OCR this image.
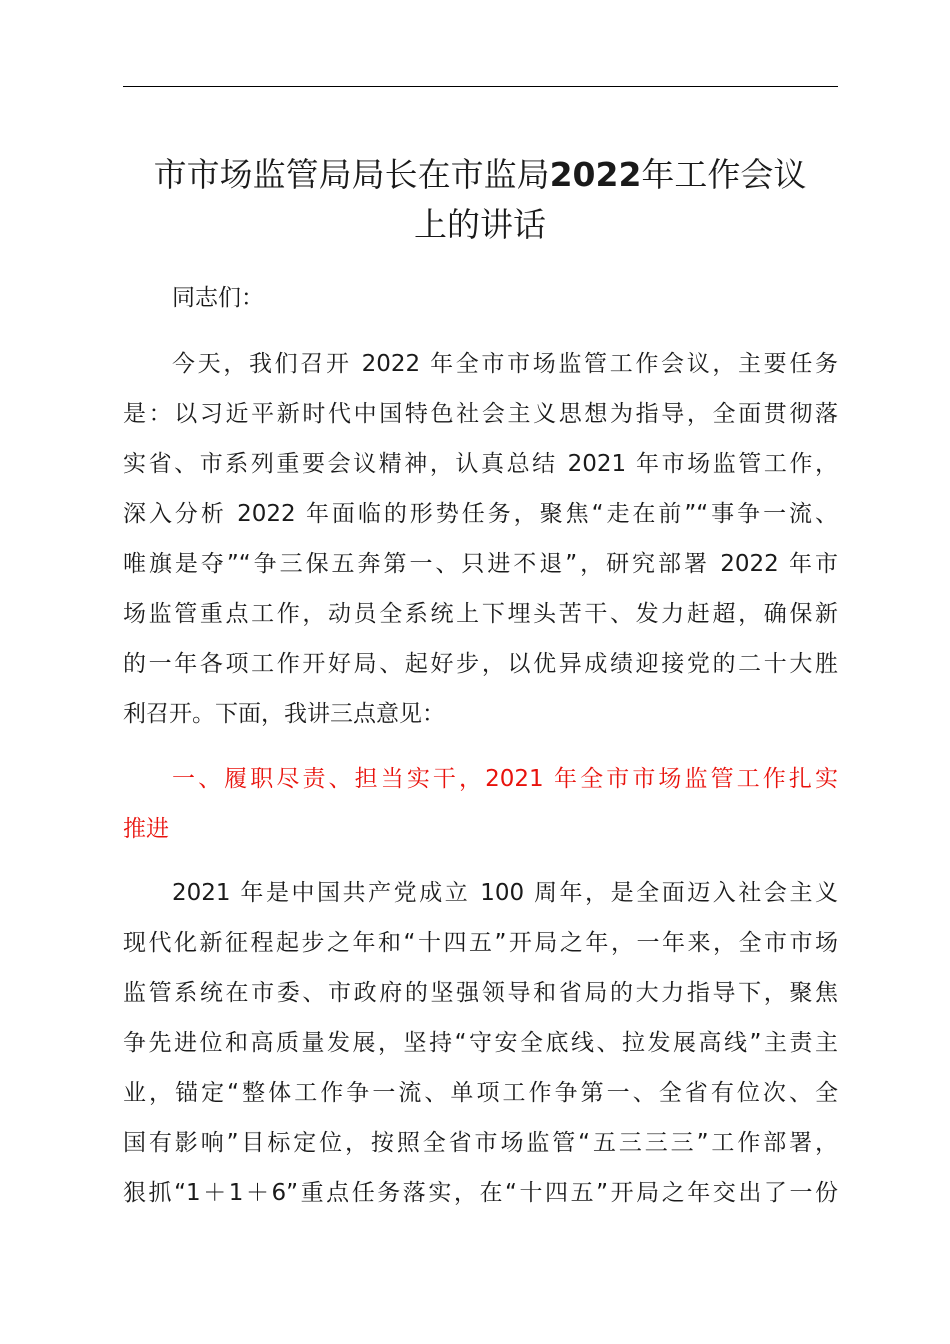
市市场监管局局长在市监局2022年工作会议
上的讲话

同志们：

今天，我们召开 2022 年全市市场监管工作会议，主要任务
是：以习近平新时代中国特色社会主义思想为指导，全面贯彻落
实省、市系列重要会议精神，认真总结 2021 年市场监管工作，
深入分析 2022 年面临的形势任务，聚焦“走在前”“事争一流、
唯旗是夺”“争三保五奔第一、只进不退”，研究部署 2022 年市
场监管重点工作，动员全系统上下埋头苦干、发力赶超，确保新
的一年各项工作开好局、起好步，以优异成绩迎接党的二十大胜
利召开。下面，我讲三点意见：

一、履职尽责、担当实干，2021 年全市市场监管工作扎实
推进

2021 年是中国共产党成立 100 周年，是全面迈入社会主义
现代化新征程起步之年和“十四五”开局之年，一年来，全市市场
监管系统在市委、市政府的坚强领导和省局的大力指导下，聚焦
争先进位和高质量发展，坚持“守安全底线、拉发展高线”主责主
业，锚定“整体工作争一流、单项工作争第一、全省有位次、全
国有影响”目标定位，按照全省市场监管“五三三三”工作部署，
狠抓“1＋1＋6”重点任务落实，在“十四五”开局之年交出了一份
